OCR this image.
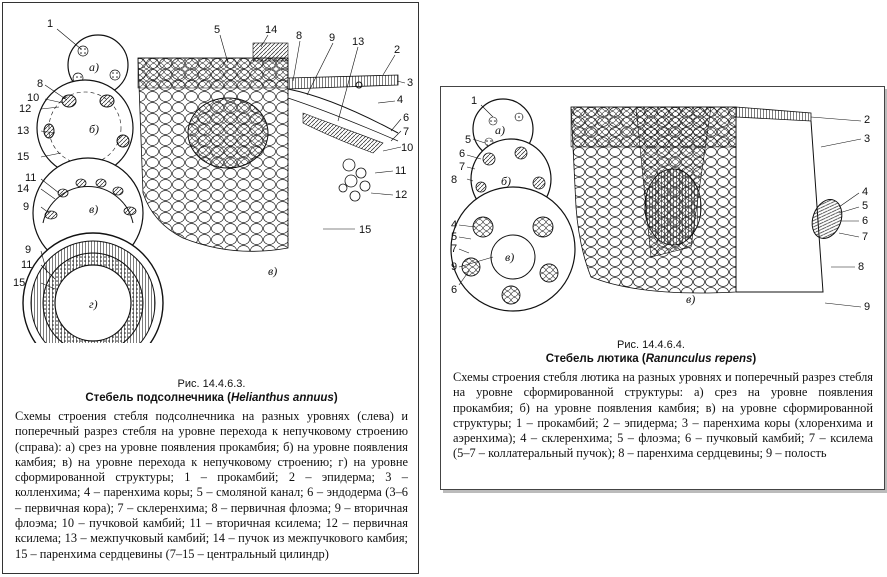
1
8
10
12
13
15
11
14
9
9
11
15
5	14 8 9 13
2
3
4
6
7
10
11
12
15
а)
б)
в)
г)
в)
Рис. 14.4.6.3.
Стебель подсолнечника (Helianthus annuus)
Схемы строения стебля подсолнечника на разных уровнях (слева) и поперечный разрез стебля на уровне перехода к непучковому строению (справа): а) срез на уровне появления прокамбия; б) на уровне появления камбия; в) на уровне перехода к непучковому строению; г) на уровне сформированной структуры; 1 – прокамбий; 2 – эпидерма; 3 – колленхима; 4 – паренхима коры; 5 – смоляной канал; 6 – эндодерма (3–6 – первичная кора); 7 – склеренхима; 8 – первичная флоэма; 9 – вторичная флоэма; 10 – пучковой камбий; 11 – вторичная ксилема; 12 – первичная ксилема; 13 – межпучковый камбий; 14 – пучок из межпучкового камбия; 15 – паренхима сердцевины (7–15 – центральный цилиндр)
1
5
6
7
8
4
5
7
9
6
2
3
4
5
6
7
8
9
а)
б)
в)
в)
Рис. 14.4.6.4.
Стебель лютика (Ranunculus repens)
Схемы строения стебля лютика на разных уровнях и поперечный разрез стебля на уровне сформированной структуры: а) срез на уровне появления прокамбия; б) на уровне появления камбия; в) на уровне сформированной структуры; 1 – прокамбий; 2 – эпидерма; 3 – паренхима коры (хлоренхима и аэренхима); 4 – склеренхима; 5 – флоэма; 6 – пучковый камбий; 7 – ксилема (5–7 – коллатеральный пучок); 8 – паренхима сердцевины; 9 – полость
